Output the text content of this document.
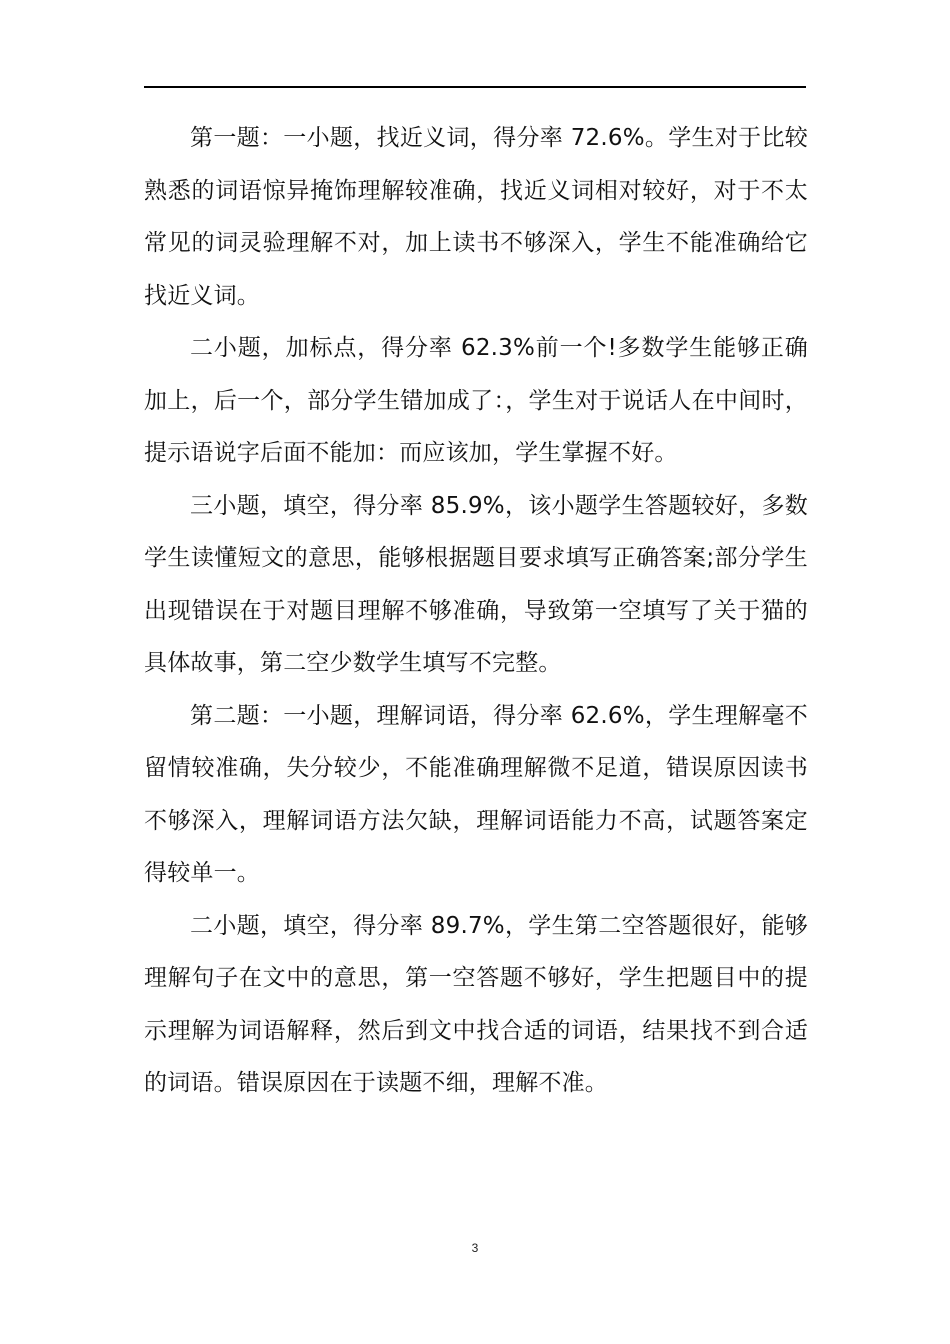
第一题：一小题，找近义词，得分率 72.6%。学生对于比较熟悉的词语惊异掩饰理解较准确，找近义词相对较好，对于不太常见的词灵验理解不对，加上读书不够深入，学生不能准确给它找近义词。

二小题，加标点，得分率 62.3%前一个!多数学生能够正确加上，后一个，部分学生错加成了：，学生对于说话人在中间时，提示语说字后面不能加：而应该加，学生掌握不好。

三小题，填空，得分率 85.9%，该小题学生答题较好，多数学生读懂短文的意思，能够根据题目要求填写正确答案;部分学生出现错误在于对题目理解不够准确，导致第一空填写了关于猫的具体故事，第二空少数学生填写不完整。

第二题：一小题，理解词语，得分率 62.6%，学生理解毫不留情较准确，失分较少，不能准确理解微不足道，错误原因读书不够深入，理解词语方法欠缺，理解词语能力不高，试题答案定得较单一。

二小题，填空，得分率 89.7%，学生第二空答题很好，能够理解句子在文中的意思，第一空答题不够好，学生把题目中的提示理解为词语解释，然后到文中找合适的词语，结果找不到合适的词语。错误原因在于读题不细，理解不准。

3
